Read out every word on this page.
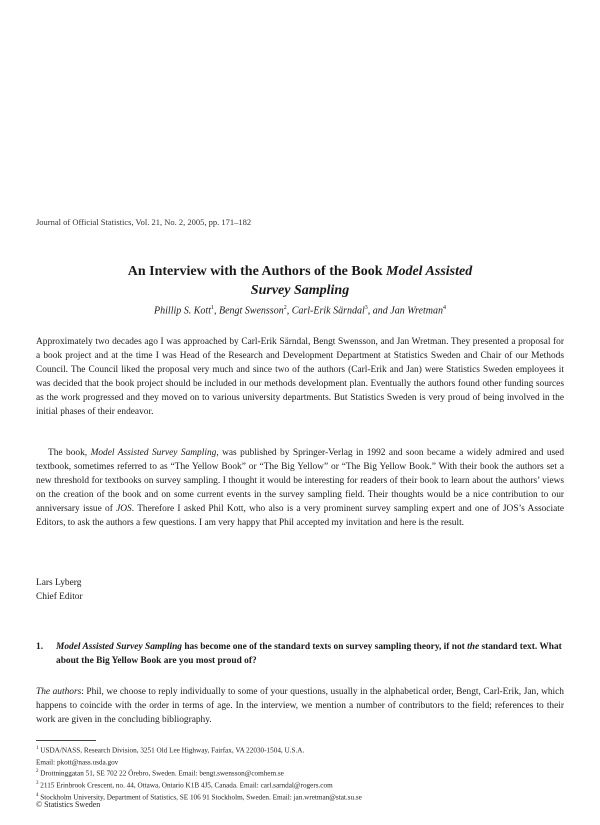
Journal of Official Statistics, Vol. 21, No. 2, 2005, pp. 171–182
An Interview with the Authors of the Book Model Assisted
Survey Sampling
Phillip S. Kott$^1$, Bengt Swensson$^2$, Carl-Erik Särndal$^3$, and Jan Wretman$^4$

Approximately two decades ago I was approached by Carl-Erik Särndal, Bengt Swensson, and Jan Wretman. They presented a proposal for a book project and at the time I was Head of the Research and Development Department at Statistics Sweden and Chair of our Methods Council. The Council liked the proposal very much and since two of the authors (Carl-Erik and Jan) were Statistics Sweden employees it was decided that the book project should be included in our methods development plan. Eventually the authors found other funding sources as the work progressed and they moved on to various university departments. But Statistics Sweden is very proud of being involved in the initial phases of their endeavor.

The book, Model Assisted Survey Sampling, was published by Springer-Verlag in 1992 and soon became a widely admired and used textbook, sometimes referred to as “The Yellow Book” or “The Big Yellow” or “The Big Yellow Book.” With their book the authors set a new threshold for textbooks on survey sampling. I thought it would be interesting for readers of their book to learn about the authors’ views on the creation of the book and on some current events in the survey sampling field. Their thoughts would be a nice contribution to our anniversary issue of JOS. Therefore I asked Phil Kott, who also is a very prominent survey sampling expert and one of JOS’s Associate Editors, to ask the authors a few questions. I am very happy that Phil accepted my invitation and here is the result.

Lars Lyberg
Chief Editor
1. Model Assisted Survey Sampling has become one of the standard texts on survey sampling theory, if not the standard text. What about the Big Yellow Book are you most proud of?

The authors: Phil, we choose to reply individually to some of your questions, usually in the alphabetical order, Bengt, Carl-Erik, Jan, which happens to coincide with the order in terms of age. In the interview, we mention a number of contributors to the field; references to their work are given in the concluding bibliography.

$^1$ USDA/NASS, Research Division, 3251 Old Lee Highway, Fairfax, VA 22030-1504, U.S.A.
Email: pkott@nass.usda.gov
$^2$ Drottninggatan 51, SE 702 22 Örebro, Sweden. Email: bengt.swensson@comhem.se
$^3$ 2115 Erinbrook Crescent, no. 44, Ottawa, Ontario K1B 4J5, Canada. Email: carl.sarndal@rogers.com
$^4$ Stockholm University, Department of Statistics, SE 106 91 Stockholm, Sweden. Email: jan.wretman@stat.su.se
© Statistics Sweden
